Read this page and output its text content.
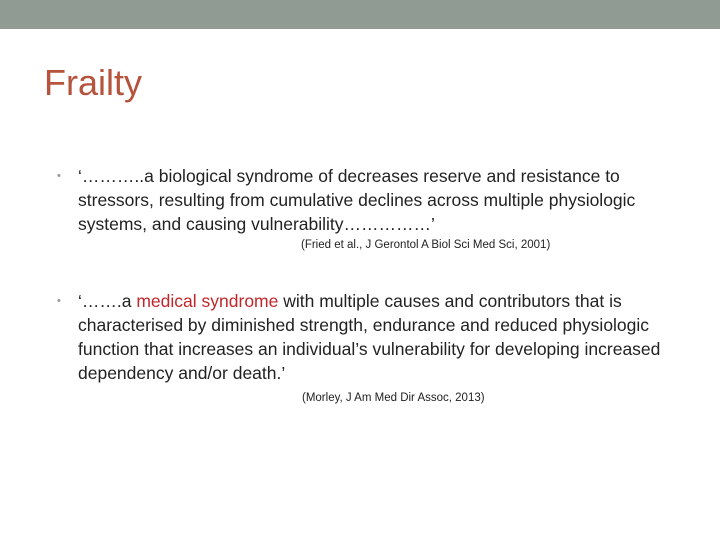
Frailty
• ‘………..a biological syndrome of decreases reserve and resistance to stressors, resulting from cumulative declines across multiple physiologic systems, and causing vulnerability……………’
(Fried et al., J Gerontol A Biol Sci Med Sci, 2001)
• ‘…….a medical syndrome with multiple causes and contributors that is characterised by diminished strength, endurance and reduced physiologic function that increases an individual’s vulnerability for developing increased dependency and/or death.’
(Morley, J Am Med Dir Assoc, 2013)
